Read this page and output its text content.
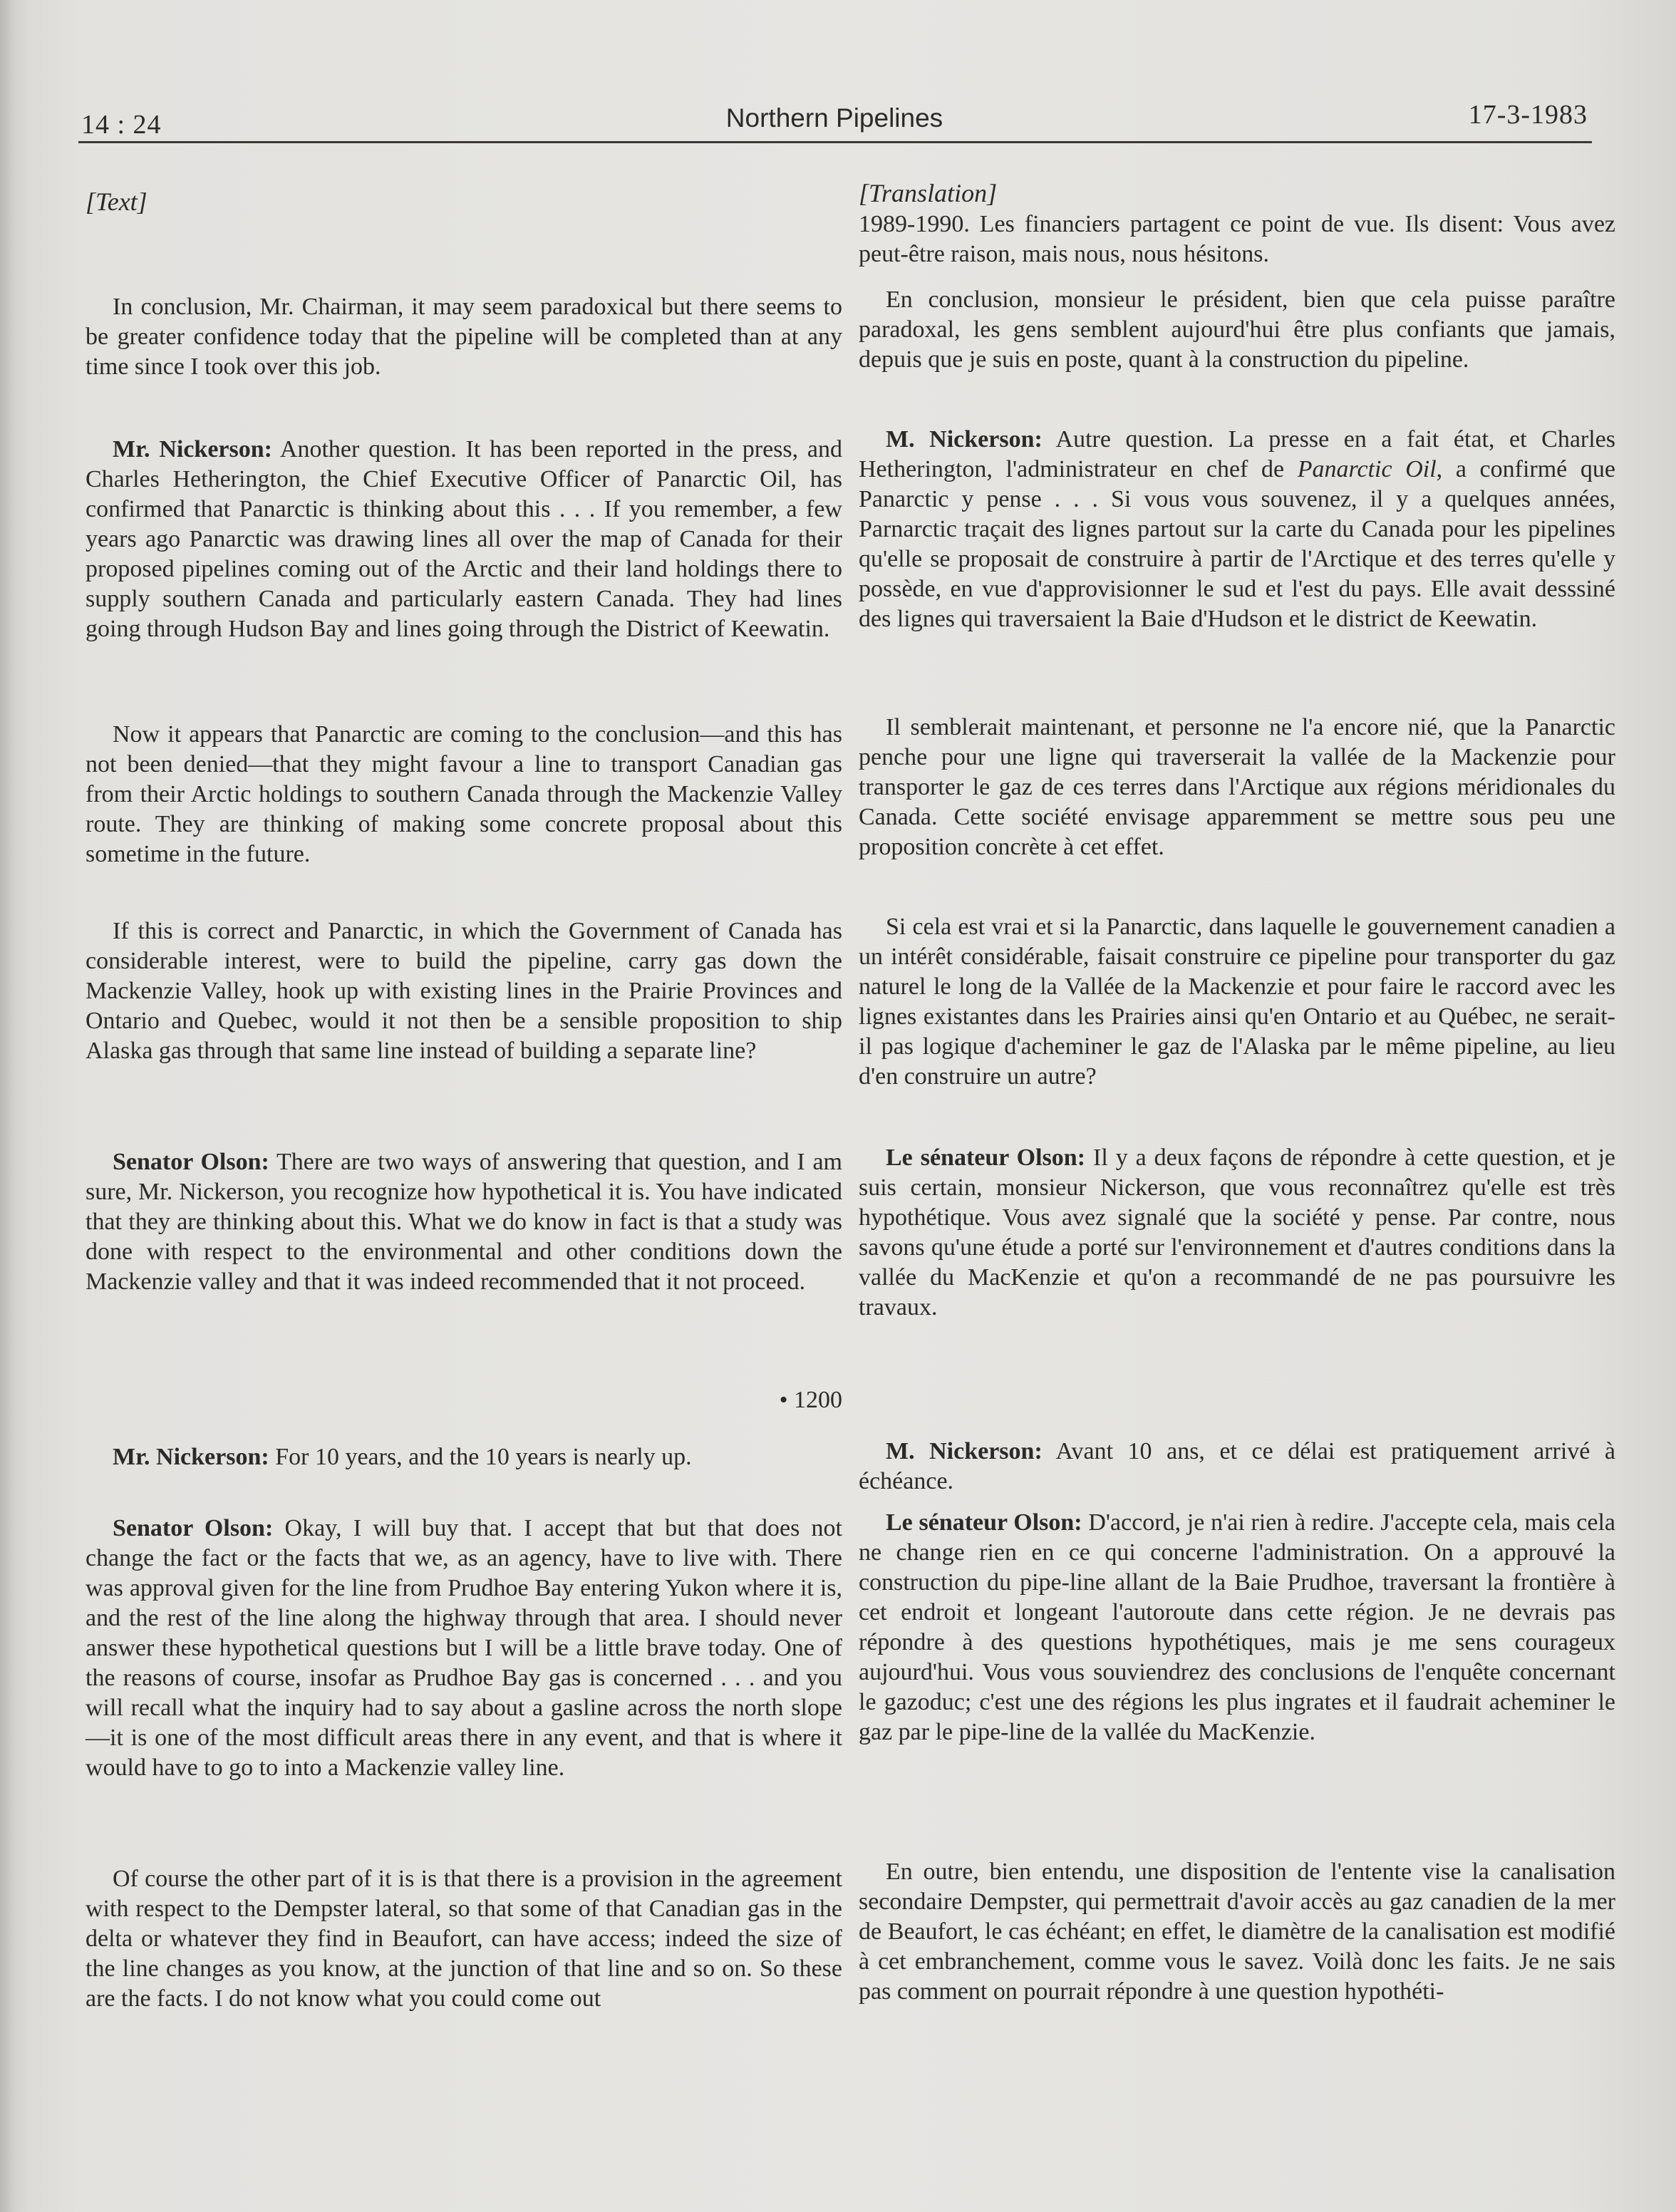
14 : 24	Northern Pipelines	17-3-1983
[Text]

In conclusion, Mr. Chairman, it may seem paradoxical but there seems to be greater confidence today that the pipeline will be completed than at any time since I took over this job.

Mr. Nickerson: Another question. It has been reported in the press, and Charles Hetherington, the Chief Executive Officer of Panarctic Oil, has confirmed that Panarctic is thinking about this . . . If you remember, a few years ago Panarctic was drawing lines all over the map of Canada for their proposed pipelines coming out of the Arctic and their land holdings there to supply southern Canada and particularly eastern Canada. They had lines going through Hudson Bay and lines going through the District of Keewatin.

Now it appears that Panarctic are coming to the conclusion—and this has not been denied—that they might favour a line to transport Canadian gas from their Arctic holdings to southern Canada through the Mackenzie Valley route. They are thinking of making some concrete proposal about this sometime in the future.

If this is correct and Panarctic, in which the Government of Canada has considerable interest, were to build the pipeline, carry gas down the Mackenzie Valley, hook up with existing lines in the Prairie Provinces and Ontario and Quebec, would it not then be a sensible proposition to ship Alaska gas through that same line instead of building a separate line?

Senator Olson: There are two ways of answering that question, and I am sure, Mr. Nickerson, you recognize how hypothetical it is. You have indicated that they are thinking about this. What we do know in fact is that a study was done with respect to the environmental and other conditions down the Mackenzie valley and that it was indeed recommended that it not proceed.

• 1200

Mr. Nickerson: For 10 years, and the 10 years is nearly up.

Senator Olson: Okay, I will buy that. I accept that but that does not change the fact or the facts that we, as an agency, have to live with. There was approval given for the line from Prudhoe Bay entering Yukon where it is, and the rest of the line along the highway through that area. I should never answer these hypothetical questions but I will be a little brave today. One of the reasons of course, insofar as Prudhoe Bay gas is concerned . . . and you will recall what the inquiry had to say about a gasline across the north slope—it is one of the most difficult areas there in any event, and that is where it would have to go to into a Mackenzie valley line.

Of course the other part of it is is that there is a provision in the agreement with respect to the Dempster lateral, so that some of that Canadian gas in the delta or whatever they find in Beaufort, can have access; indeed the size of the line changes as you know, at the junction of that line and so on. So these are the facts. I do not know what you could come out

[Translation]

1989-1990. Les financiers partagent ce point de vue. Ils disent: Vous avez peut-être raison, mais nous, nous hésitons.

En conclusion, monsieur le président, bien que cela puisse paraître paradoxal, les gens semblent aujourd'hui être plus confiants que jamais, depuis que je suis en poste, quant à la construction du pipeline.

M. Nickerson: Autre question. La presse en a fait état, et Charles Hetherington, l'administrateur en chef de Panarctic Oil, a confirmé que Panarctic y pense . . . Si vous vous souvenez, il y a quelques années, Parnarctic traçait des lignes partout sur la carte du Canada pour les pipelines qu'elle se proposait de construire à partir de l'Arctique et des terres qu'elle y possède, en vue d'approvisionner le sud et l'est du pays. Elle avait desssiné des lignes qui traversaient la Baie d'Hudson et le district de Keewatin.

Il semblerait maintenant, et personne ne l'a encore nié, que la Panarctic penche pour une ligne qui traverserait la vallée de la Mackenzie pour transporter le gaz de ces terres dans l'Arctique aux régions méridionales du Canada. Cette société envisage apparemment se mettre sous peu une proposition concrète à cet effet.

Si cela est vrai et si la Panarctic, dans laquelle le gouvernement canadien a un intérêt considérable, faisait construire ce pipeline pour transporter du gaz naturel le long de la Vallée de la Mackenzie et pour faire le raccord avec les lignes existantes dans les Prairies ainsi qu'en Ontario et au Québec, ne serait-il pas logique d'acheminer le gaz de l'Alaska par le même pipeline, au lieu d'en construire un autre?

Le sénateur Olson: Il y a deux façons de répondre à cette question, et je suis certain, monsieur Nickerson, que vous reconnaîtrez qu'elle est très hypothétique. Vous avez signalé que la société y pense. Par contre, nous savons qu'une étude a porté sur l'environnement et d'autres conditions dans la vallée du MacKenzie et qu'on a recommandé de ne pas poursuivre les travaux.

M. Nickerson: Avant 10 ans, et ce délai est pratiquement arrivé à échéance.

Le sénateur Olson: D'accord, je n'ai rien à redire. J'accepte cela, mais cela ne change rien en ce qui concerne l'administration. On a approuvé la construction du pipe-line allant de la Baie Prudhoe, traversant la frontière à cet endroit et longeant l'autoroute dans cette région. Je ne devrais pas répondre à des questions hypothétiques, mais je me sens courageux aujourd'hui. Vous vous souviendrez des conclusions de l'enquête concernant le gazoduc; c'est une des régions les plus ingrates et il faudrait acheminer le gaz par le pipe-line de la vallée du MacKenzie.

En outre, bien entendu, une disposition de l'entente vise la canalisation secondaire Dempster, qui permettrait d'avoir accès au gaz canadien de la mer de Beaufort, le cas échéant; en effet, le diamètre de la canalisation est modifié à cet embranchement, comme vous le savez. Voilà donc les faits. Je ne sais pas comment on pourrait répondre à une question hypothéti-
